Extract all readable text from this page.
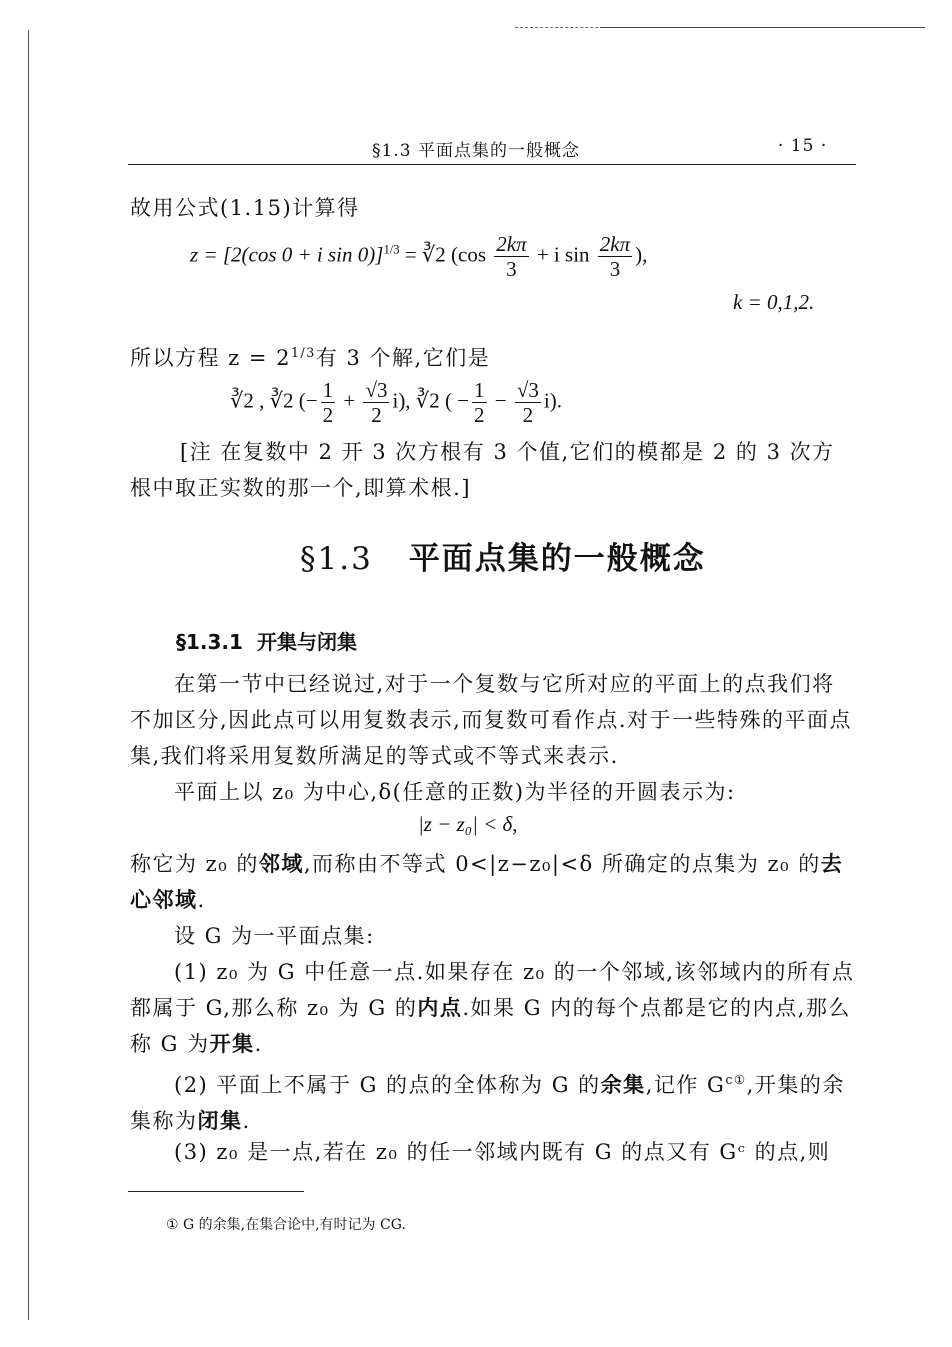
§1.3 平面点集的一般概念	· 15 ·
故用公式(1.15)计算得
z = [2(cos 0 + i sin 0)]$^{1/3}$ = ∛2 ($\cos \frac{2k\pi}{3} + i$ $\sin \frac{2k\pi}{3}$ ),
k = 0,1,2.
所以方程 $z = 2^{1/3}$有 3 个解,它们是
∛2 , ∛2 (− $\frac{1}{2} + \frac{√3}{2} i$), ∛2 ( − $\frac{1}{2} - \frac{√3}{2} i$).
[注 在复数中 2 开 3 次方根有 3 个值,它们的模都是 2 的 3 次方根中取正实数的那一个,即算术根.]
§1.3 平面点集的一般概念
§1.3.1 开集与闭集
在第一节中已经说过,对于一个复数与它所对应的平面上的点我们将不加区分,因此点可以用复数表示,而复数可看作点.对于一些特殊的平面点集,我们将采用复数所满足的等式或不等式来表示.
平面上以 z₀ 为中心,δ(任意的正数)为半径的开圆表示为:
|z − z₀| < δ,
称它为 z₀ 的邻域,而称由不等式 0<|z−z₀|<δ 所确定的点集为 z₀ 的去心邻域.
设 G 为一平面点集:
(1) z₀ 为 G 中任意一点.如果存在 z₀ 的一个邻域,该邻域内的所有点都属于 G,那么称 z₀ 为 G 的内点.如果 G 内的每个点都是它的内点,那么称 G 为开集.
(2) 平面上不属于 G 的点的全体称为 G 的余集,记作 $G^{c①}$,开集的余集称为闭集.
(3) z₀ 是一点,若在 z₀ 的任一邻域内既有 G 的点又有 Gᶜ 的点,则
① G 的余集,在集合论中,有时记为 CG.
